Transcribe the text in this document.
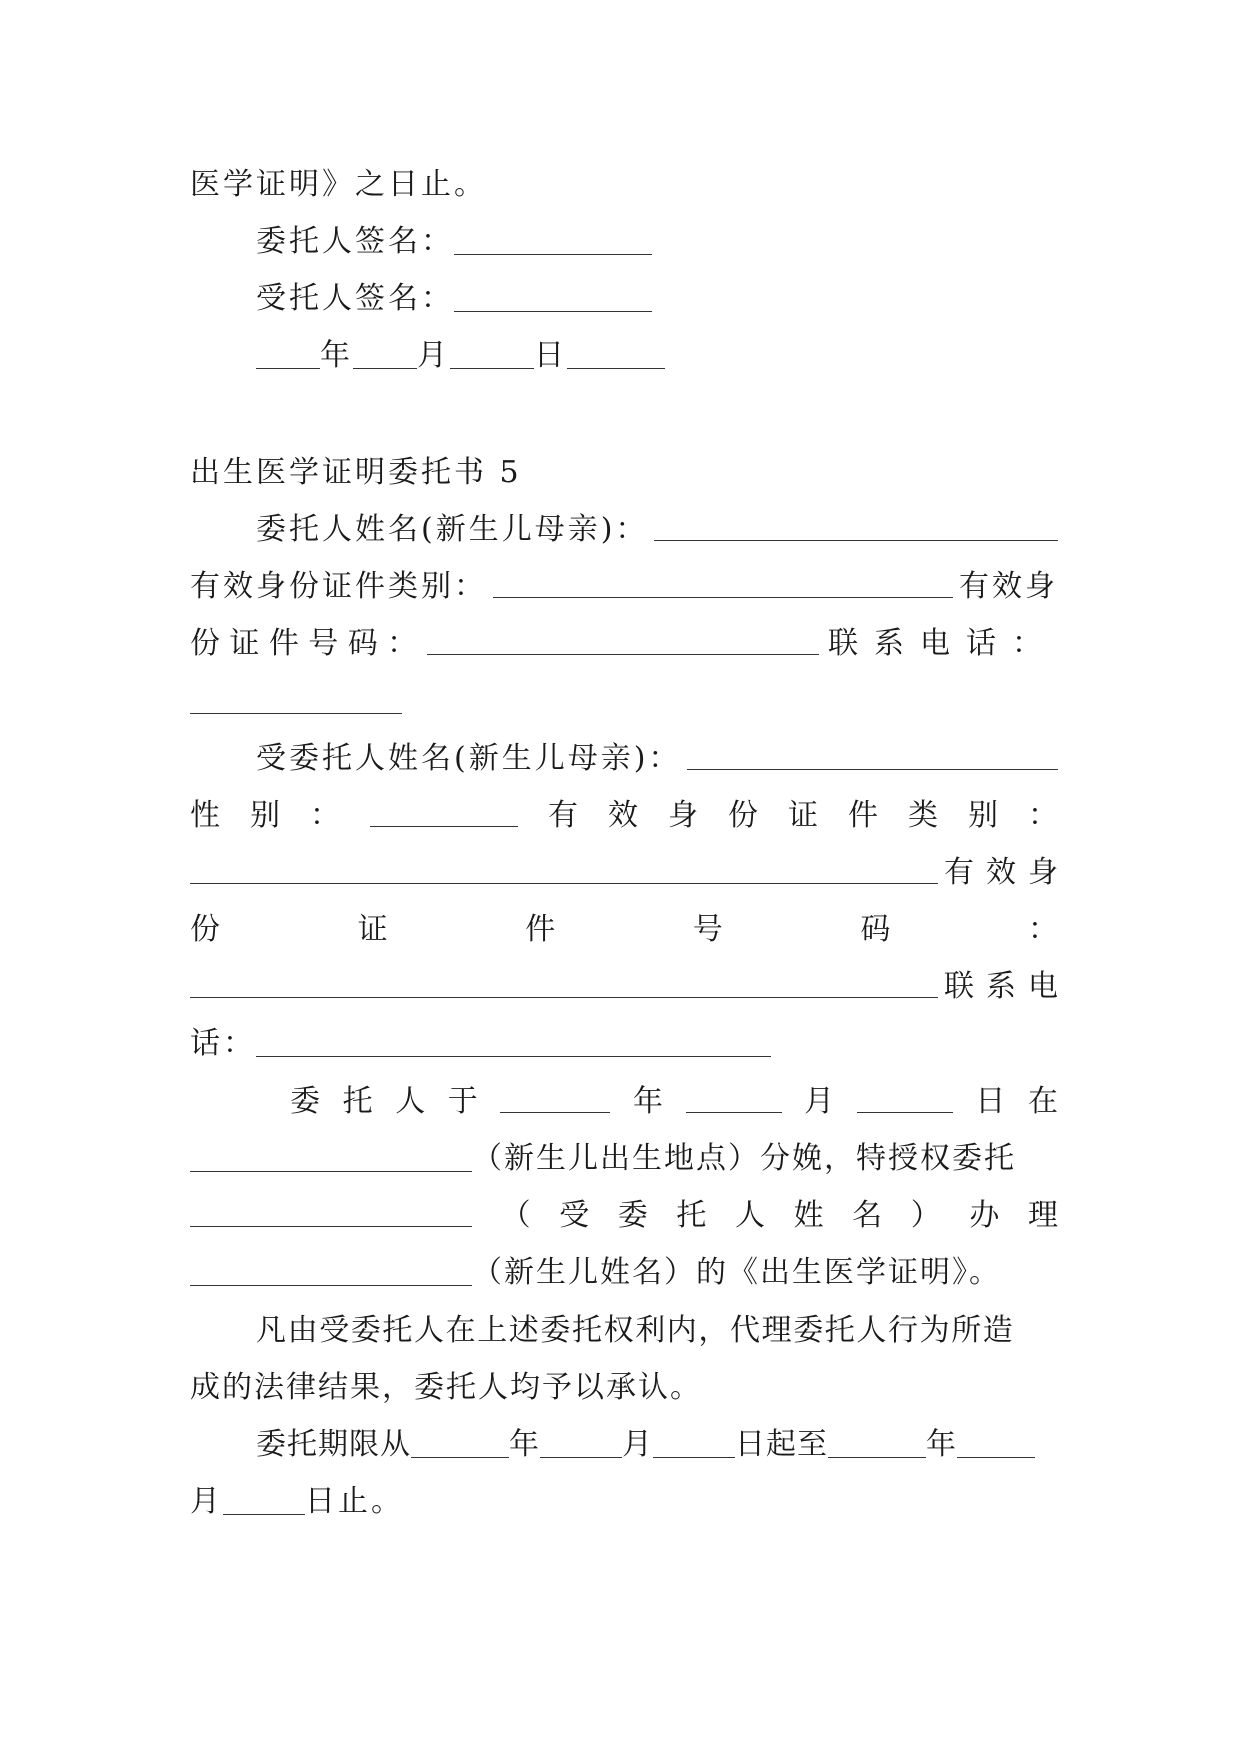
医学证明》之日止。
委托人签名：
受托人签名：
年 月	日
出生医学证明委托书 5
委托人姓名(新生儿母亲)：
有效身份证件类别：	有效身
份 证 件 号 码 ：	联系电话：
受委托人姓名(新生儿母亲)：
性 别 ：	有 效 身 份 证 件 类 别 ：
有效身
份	证	件	号	码	：
联系电
话：
委 托 人 于	年	月	日 在
（新生儿出生地点）分娩，特授权委托
（ 受 委 托 人 姓 名 ） 办 理
（新生儿姓名）的《出生医学证明》。
凡由受委托人在上述委托权利内，代理委托人行为所造
成的法律结果，委托人均予以承认。
委托期限从	年	月	日起至	年
月	日止。
